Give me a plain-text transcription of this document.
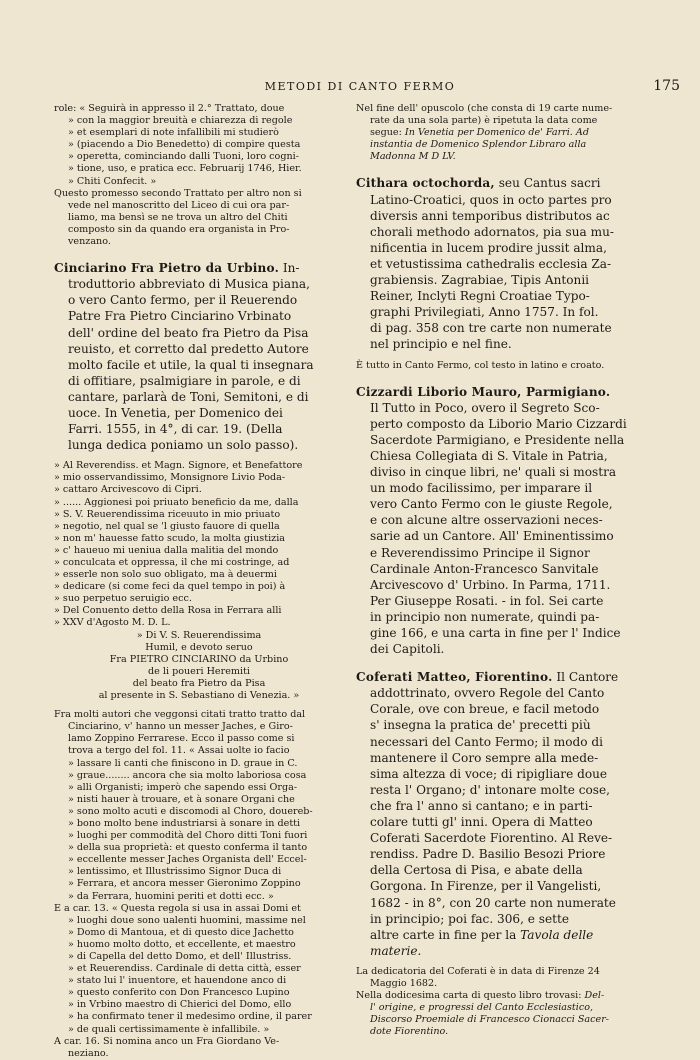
METODI DI CANTO FERMO	175

role: « Seguirà in appresso il 2.° Trattato, doue

» con la maggior breuità e chiarezza di regole

» et esemplari di note infallibili mi studierò

» (piacendo a Dio Benedetto) di compire questa

» operetta, cominciando dalli Tuoni, loro cogni-

» tione, uso, e pratica ecc. Februarij 1746, Hier.

» Chiti Confecit. »

Questo promesso secondo Trattato per altro non si

vede nel manoscritto del Liceo di cui ora par-

liamo, ma bensì se ne trova un altro del Chiti

composto sin da quando era organista in Pro-

venzano.

Cinciarino Fra Pietro da Urbino. In-

troduttorio abbreviato di Musica piana,

o vero Canto fermo, per il Reuerendo

Patre Fra Pietro Cinciarino Vrbinato

dell' ordine del beato fra Pietro da Pisa

reuisto, et corretto dal predetto Autore

molto facile et utile, la qual ti insegnara

di offitiare, psalmigiare in parole, e di

cantare, parlarà de Toni, Semitoni, e di

uoce. In Venetia, per Domenico dei

Farri. 1555, in 4°, di car. 19. (Della

lunga dedica poniamo un solo passo).

» Al Reverendiss. et Magn. Signore, et Benefattore

» mio osservandissimo, Monsignore Livio Poda-

» cattaro Arcivescovo di Cipri.

» ...... Aggionesi poi priuato beneficio da me, dalla

» S. V. Reuerendissima riceuuto in mio priuato

» negotio, nel qual se 'l giusto fauore di quella

» non m' hauesse fatto scudo, la molta giustizia

» c' haueuo mi ueniua dalla malitia del mondo

» conculcata et oppressa, il che mi costringe, ad

» esserle non solo suo obligato, ma à deuermi

» dedicare (si come feci da quel tempo in poi) à

» suo perpetuo seruigio ecc.

» Del Conuento detto della Rosa in Ferrara alli

» XXV d'Agosto M. D. L.

» Di V. S. Reuerendissima

Humil, e devoto seruo

Fra PIETRO CINCIARINO da Urbino

de li poueri Heremiti

del beato fra Pietro da Pisa

al presente in S. Sebastiano di Venezia. »

Fra molti autori che veggonsi citati tratto tratto dal

Cinciarino, v' hanno un messer Jaches, e Giro-

lamo Zoppino Ferrarese. Ecco il passo come si

trova a tergo del fol. 11. « Assai uolte io facio

» lassare li canti che finiscono in D. graue in C.

» graue........ ancora che sia molto laboriosa cosa

» alli Organisti; imperò che sapendo essi Orga-

» nisti hauer à trouare, et à sonare Organi che

» sono molto acuti e discomodi al Choro, douereb-

» bono molto bene industriarsi à sonare in detti

» luoghi per commodità del Choro ditti Toni fuori

» della sua proprietà: et questo conferma il tanto

» eccellente messer Jaches Organista dell' Eccel-

» lentissimo, et Illustrissimo Signor Duca di

» Ferrara, et ancora messer Gieronimo Zoppino

» da Ferrara, huomini periti et dotti ecc. »

E a car. 13. « Questa regola si usa in assai Domi et

» luoghi doue sono ualenti huomini, massime nel

» Domo di Mantoua, et di questo dice Jachetto

» huomo molto dotto, et eccellente, et maestro

» di Capella del detto Domo, et dell' Illustriss.

» et Reuerendiss. Cardinale di detta città, esser

» stato lui l' inuentore, et hauendone anco di

» questo conferito con Don Francesco Lupino

» in Vrbino maestro di Chierici del Domo, ello

» ha confirmato tener il medesimo ordine, il parer

» de quali certissimamente è infallibile. »

A car. 16. Si nomina anco un Fra Giordano Ve-

neziano.

Nel fine dell' opuscolo (che consta di 19 carte nume-

rate da una sola parte) è ripetuta la data come

segue: In Venetia per Domenico de' Farri. Ad

instantia de Domenico Splendor Libraro alla

Madonna M D LV.

Cithara octochorda, seu Cantus sacri

Latino-Croatici, quos in octo partes pro

diversis anni temporibus distributos ac

chorali methodo adornatos, pia sua mu-

nificentia in lucem prodire jussit alma,

et vetustissima cathedralis ecclesia Za-

grabiensis. Zagrabiae, Tipis Antonii

Reiner, Inclyti Regni Croatiae Typo-

graphi Privilegiati, Anno 1757. In fol.

di pag. 358 con tre carte non numerate

nel principio e nel fine.

È tutto in Canto Fermo, col testo in latino e croato.

Cizzardi Liborio Mauro, Parmigiano.

Il Tutto in Poco, overo il Segreto Sco-

perto composto da Liborio Mario Cizzardi

Sacerdote Parmigiano, e Presidente nella

Chiesa Collegiata di S. Vitale in Patria,

diviso in cinque libri, ne' quali si mostra

un modo facilissimo, per imparare il

vero Canto Fermo con le giuste Regole,

e con alcune altre osservazioni neces-

sarie ad un Cantore. All' Eminentissimo

e Reverendissimo Principe il Signor

Cardinale Anton-Francesco Sanvitale

Arcivescovo d' Urbino. In Parma, 1711.

Per Giuseppe Rosati. - in fol. Sei carte

in principio non numerate, quindi pa-

gine 166, e una carta in fine per l' Indice

dei Capitoli.

Coferati Matteo, Fiorentino. Il Cantore

addottrinato, ovvero Regole del Canto

Corale, ove con breue, e facil metodo

s' insegna la pratica de' precetti più

necessari del Canto Fermo; il modo di

mantenere il Coro sempre alla mede-

sima altezza di voce; di ripigliare doue

resta l' Organo; d' intonare molte cose,

che fra l' anno si cantano; e in parti-

colare tutti gl' inni. Opera di Matteo

Coferati Sacerdote Fiorentino. Al Reve-

rendiss. Padre D. Basilio Besozi Priore

della Certosa di Pisa, e abate della

Gorgona. In Firenze, per il Vangelisti,

1682 - in 8°, con 20 carte non numerate

in principio; poi fac. 306, e sette

altre carte in fine per la Tavola delle

materie.

La dedicatoria del Coferati è in data di Firenze 24

Maggio 1682.

Nella dodicesima carta di questo libro trovasi: Del-

l' origine, e progressi del Canto Ecclesiastico,

Discorso Proemiale di Francesco Cionacci Sacer-

dote Fiorentino.
